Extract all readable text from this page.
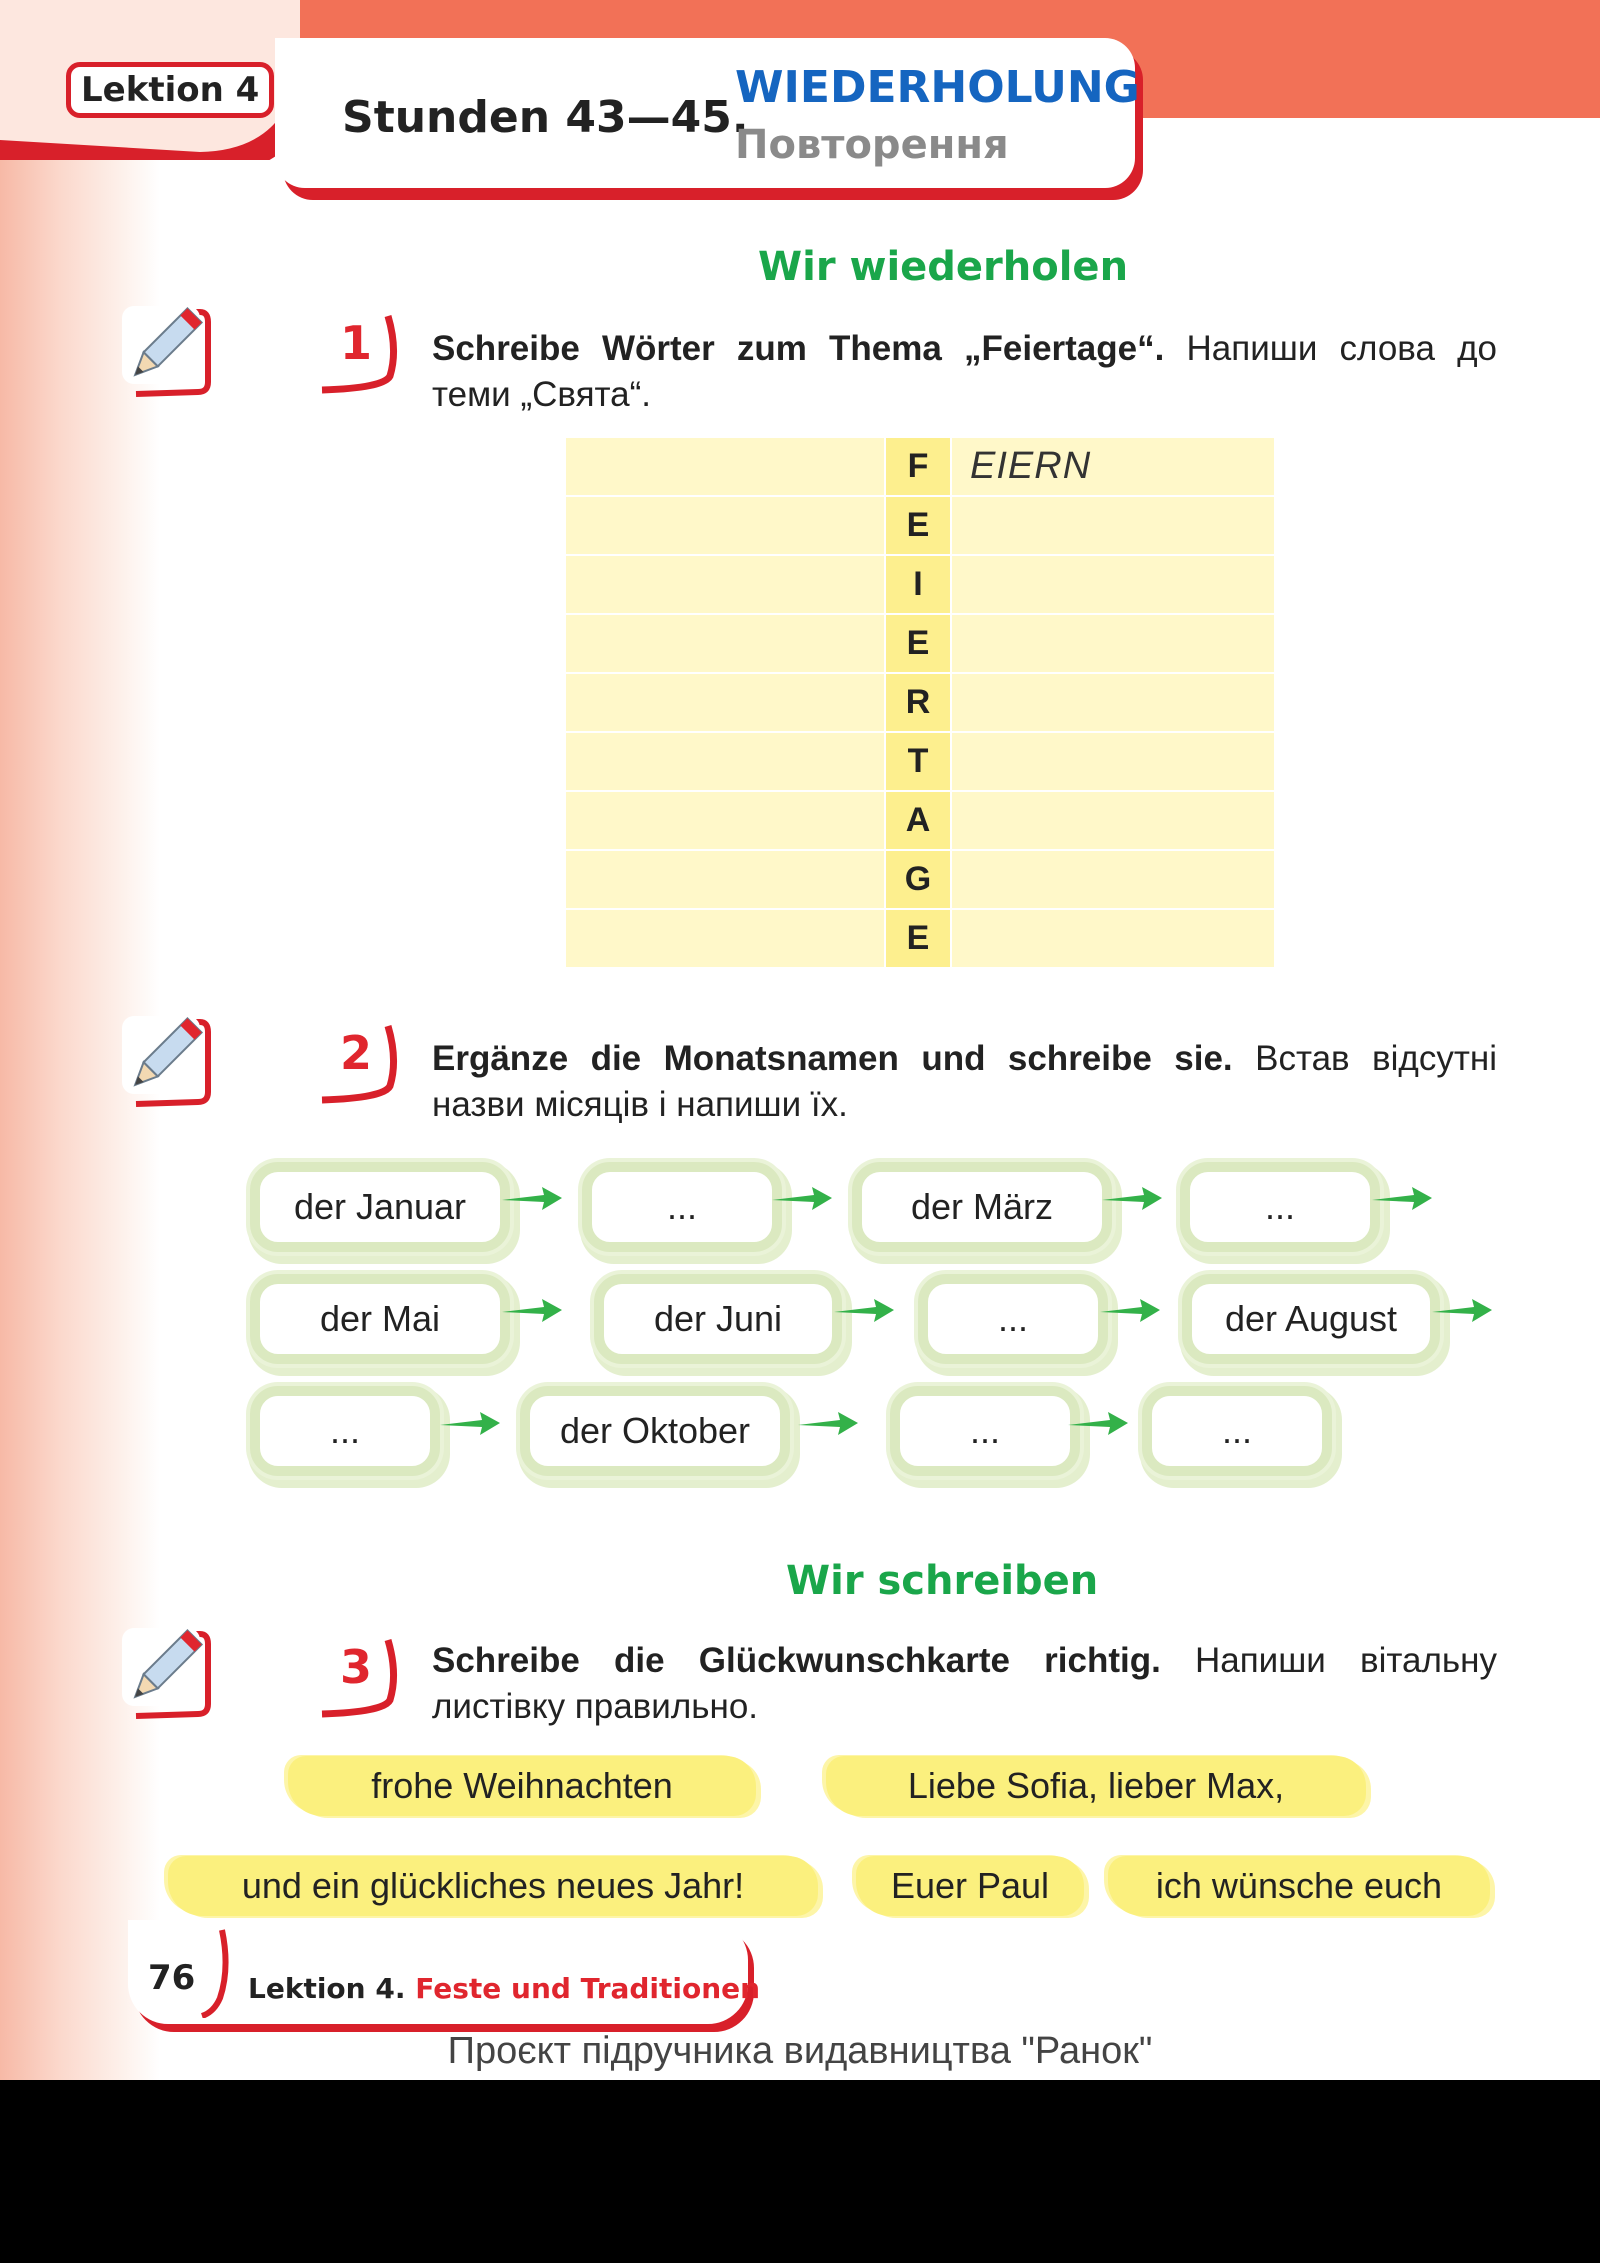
Lektion 4
Stunden 43—45.
WIEDERHOLUNG
Повторення
Wir wiederholen
1	Schreibe Wörter zum Thema „Feiertage“. Напиши слова до теми „Свята“.
F	EIERN
E
I
E
R
T
A
G
E
2	Ergänze die Monatsnamen und schreibe sie. Встав відсутні назви місяців і напиши їх.
der Januar	...	der März	...
der Mai	der Juni	...	der August
...	der Oktober	...	...
Wir schreiben
3	Schreibe die Glückwunschkarte richtig. Напиши вітальну листівку правильно.
frohe Weihnachten	Liebe Sofia, lieber Max,
und ein glückliches neues Jahr!	Euer Paul	ich wünsche euch
76 Lektion 4. Feste und Traditionen
Проєкт підручника видавництва "Ранок"
